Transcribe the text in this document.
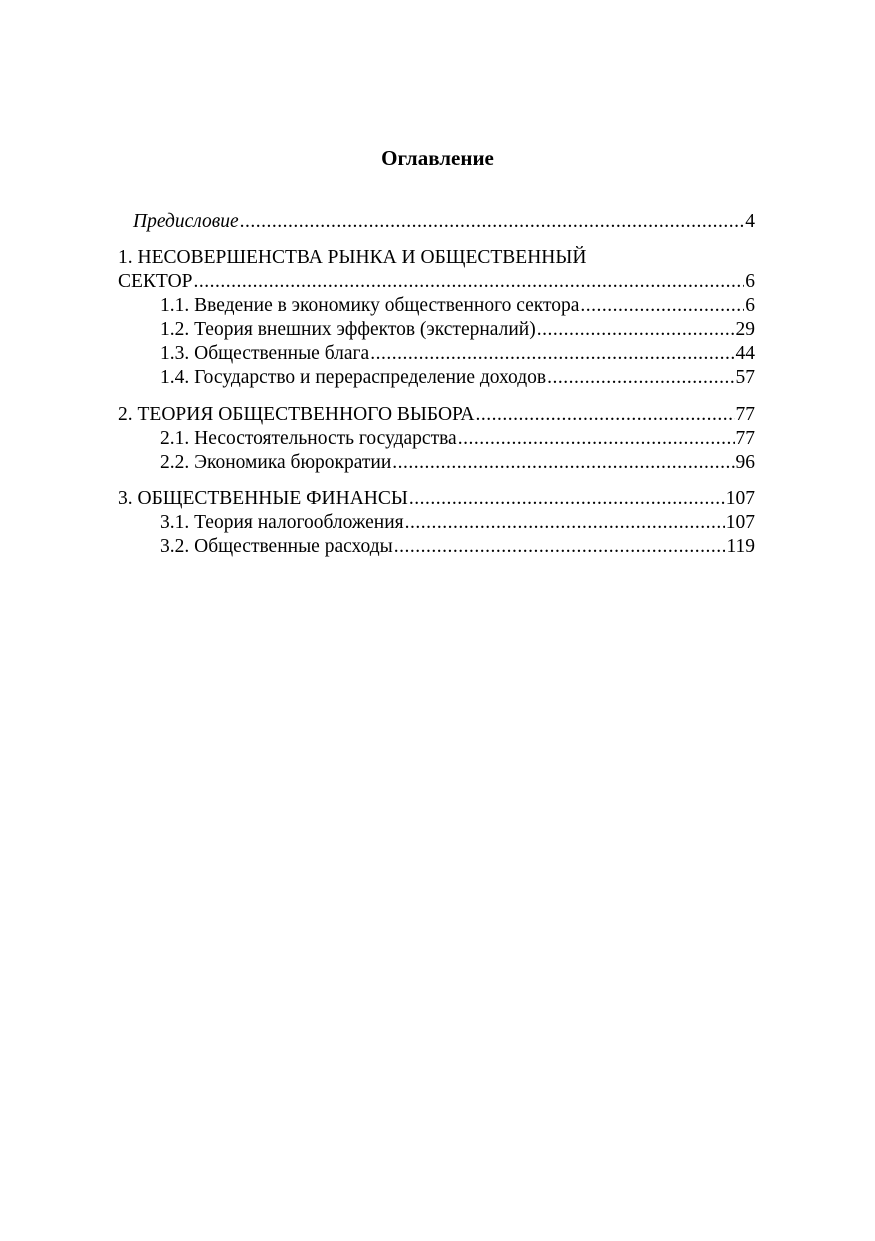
Оглавление
Предисловие .....	4
1. НЕСОВЕРШЕНСТВА РЫНКА И ОБЩЕСТВЕННЫЙ
СЕКТОР .....	6
1.1. Введение в экономику общественного сектора .....	6
1.2. Теория внешних эффектов (экстерналий) .....	29
1.3. Общественные блага .....	44
1.4. Государство и перераспределение доходов .....	57
2. ТЕОРИЯ ОБЩЕСТВЕННОГО ВЫБОРА .....	77
2.1. Несостоятельность государства .....	77
2.2. Экономика бюрократии .....	96
3. ОБЩЕСТВЕННЫЕ ФИНАНСЫ .....	107
3.1. Теория налогообложения .....	107
3.2. Общественные расходы .....	119
